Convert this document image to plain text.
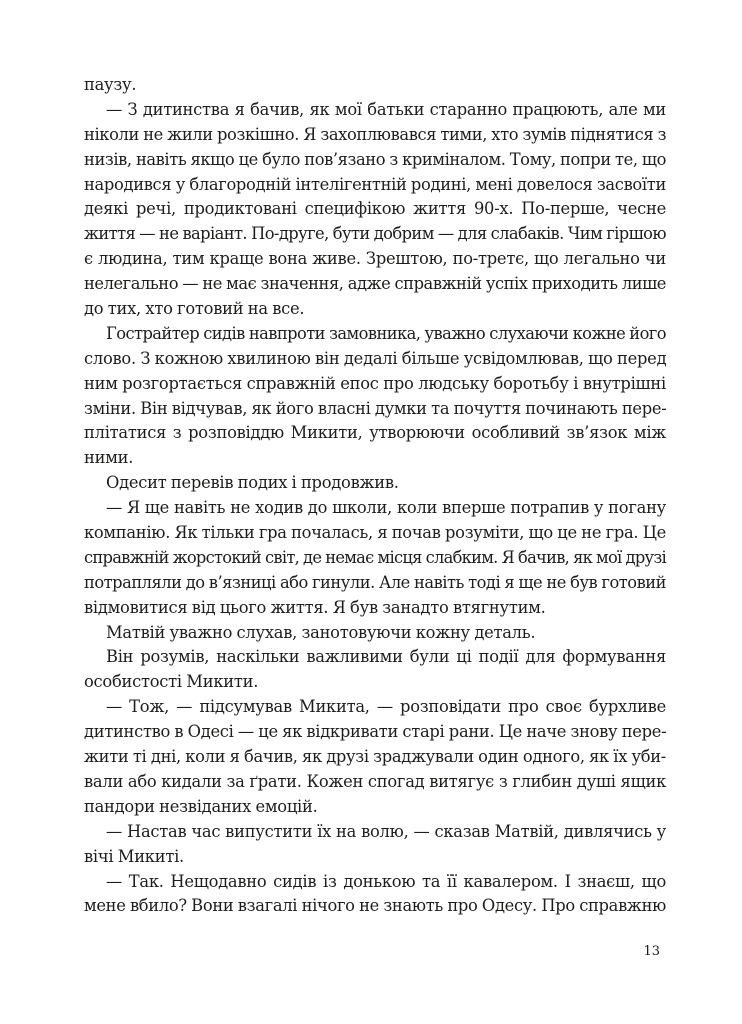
паузу.
— З дитинства я бачив, як мої батьки старанно працюють, але ми
ніколи не жили розкішно. Я захоплювався тими, хто зумів піднятися з
низів, навіть якщо це було пов’язано з криміналом. Тому, попри те, що
народився у благородній інтелігентній родині, мені довелося засвоїти
деякі речі, продиктовані специфікою життя 90-х. По-перше, чесне
життя — не варіант. По-друге, бути добрим — для слабаків. Чим гіршою
є людина, тим краще вона живе. Зрештою, по-третє, що легально чи
нелегально — не має значення, адже справжній успіх приходить лише
до тих, хто готовий на все.
Гострайтер сидів навпроти замовника, уважно слухаючи кожне його
слово. З кожною хвилиною він дедалі більше усвідомлював, що перед
ним розгортається справжній епос про людську боротьбу і внутрішні
зміни. Він відчував, як його власні думки та почуття починають пере-
плітатися з розповіддю Микити, утворюючи особливий зв’язок між
ними.
Одесит перевів подих і продовжив.
— Я ще навіть не ходив до школи, коли вперше потрапив у погану
компанію. Як тільки гра почалась, я почав розуміти, що це не гра. Це
справжній жорстокий світ, де немає місця слабким. Я бачив, як мої друзі
потрапляли до в’язниці або гинули. Але навіть тоді я ще не був готовий
відмовитися від цього життя. Я був занадто втягнутим.
Матвій уважно слухав, занотовуючи кожну деталь.
Він розумів, наскільки важливими були ці події для формування
особистості Микити.
— Тож, — підсумував Микита, — розповідати про своє бурхливе
дитинство в Одесі — це як відкривати старі рани. Це наче знову пере-
жити ті дні, коли я бачив, як друзі зраджували один одного, як їх уби-
вали або кидали за ґрати. Кожен спогад витягує з глибин душі ящик
пандори незвіданих емоцій.
— Настав час випустити їх на волю, — сказав Матвій, дивлячись у
вічі Микиті.
— Так. Нещодавно сидів із донькою та її кавалером. І знаєш, що
мене вбило? Вони взагалі нічого не знають про Одесу. Про справжню
13
